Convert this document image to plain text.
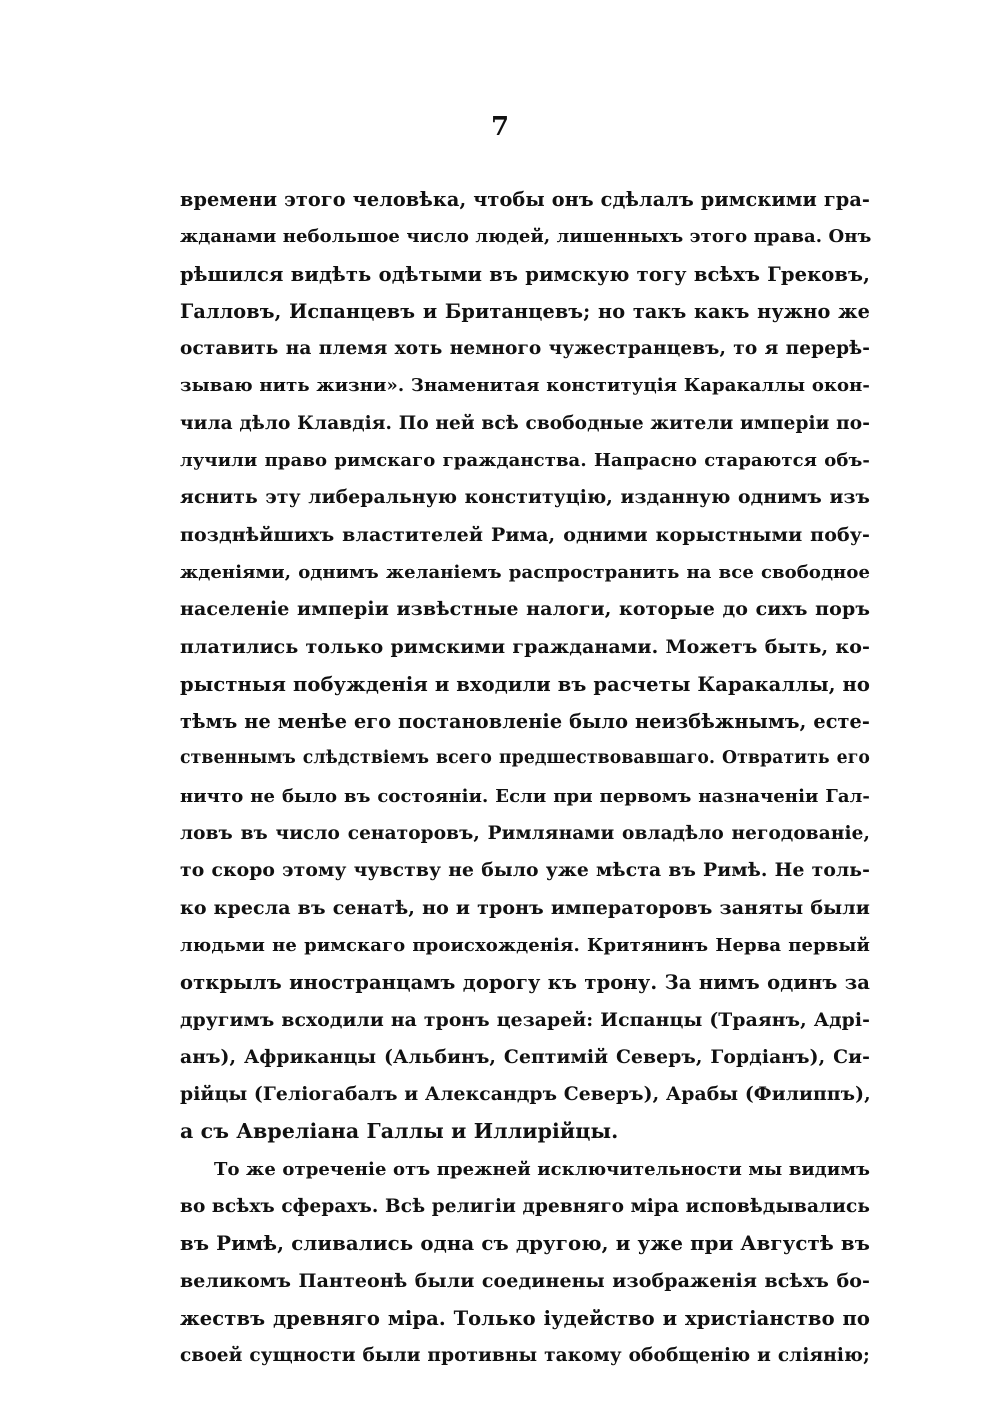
7
времени этого человѣка, чтобы онъ сдѣлалъ римскими гра-
жданами небольшое число людей, лишенныхъ этого права. Онъ
рѣшился видѣть одѣтыми въ римскую тогу всѣхъ Грековъ,
Галловъ, Испанцевъ и Британцевъ; но такъ какъ нужно же
оставить на племя хоть немного чужестранцевъ, то я перерѣ-
зываю нить жизни». Знаменитая конституція Каракаллы окон-
чила дѣло Клавдія. По ней всѣ свободные жители имперіи по-
лучили право римскаго гражданства. Напрасно стараются объ-
яснить эту либеральную конституцію, изданную однимъ изъ
позднѣйшихъ властителей Рима, одними корыстными побу-
жденіями, однимъ желаніемъ распространить на все свободное
населеніе имперіи извѣстные налоги, которые до сихъ поръ
платились только римскими гражданами. Можетъ быть, ко-
рыстныя побужденія и входили въ расчеты Каракаллы, но
тѣмъ не менѣе его постановленіе было неизбѣжнымъ, есте-
ственнымъ слѣдствіемъ всего предшествовавшаго. Отвратить его
ничто не было въ состояніи. Если при первомъ назначеніи Гал-
ловъ въ число сенаторовъ, Римлянами овладѣло негодованіе,
то скоро этому чувству не было уже мѣста въ Римѣ. Не толь-
ко кресла въ сенатѣ, но и тронъ императоровъ заняты были
людьми не римскаго происхожденія. Критянинъ Нерва первый
открылъ иностранцамъ дорогу къ трону. За нимъ одинъ за
другимъ всходили на тронъ цезарей: Испанцы (Траянъ, Адрі-
анъ), Африканцы (Альбинъ, Септимій Северъ, Гордіанъ), Си-
рійцы (Геліогабалъ и Александръ Северъ), Арабы (Филиппъ),
а съ Авреліана Галлы и Иллирійцы.
То же отреченіе отъ прежней исключительности мы видимъ
во всѣхъ сферахъ. Всѣ религіи древняго міра исповѣдывались
въ Римѣ, сливались одна съ другою, и уже при Августѣ въ
великомъ Пантеонѣ были соединены изображенія всѣхъ бо-
жествъ древняго міра. Только іудейство и христіанство по
своей сущности были противны такому обобщенію и сліянію;
